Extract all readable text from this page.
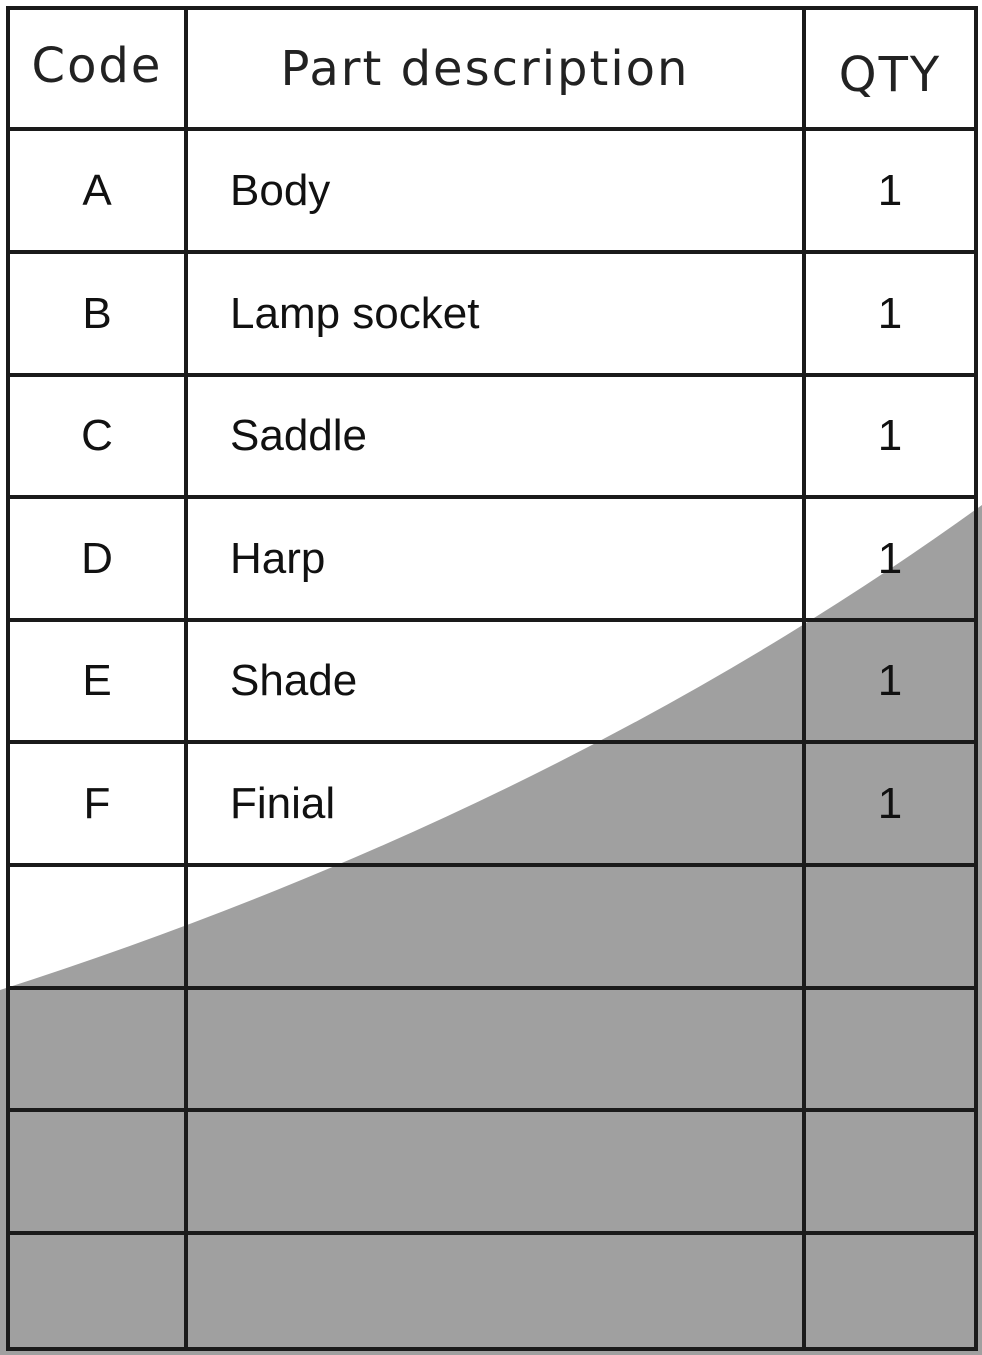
Code	Part description	QTY
A	Body	1
B	Lamp socket	1
C	Saddle	1
D	Harp	1
E	Shade	1
F	Finial	1
